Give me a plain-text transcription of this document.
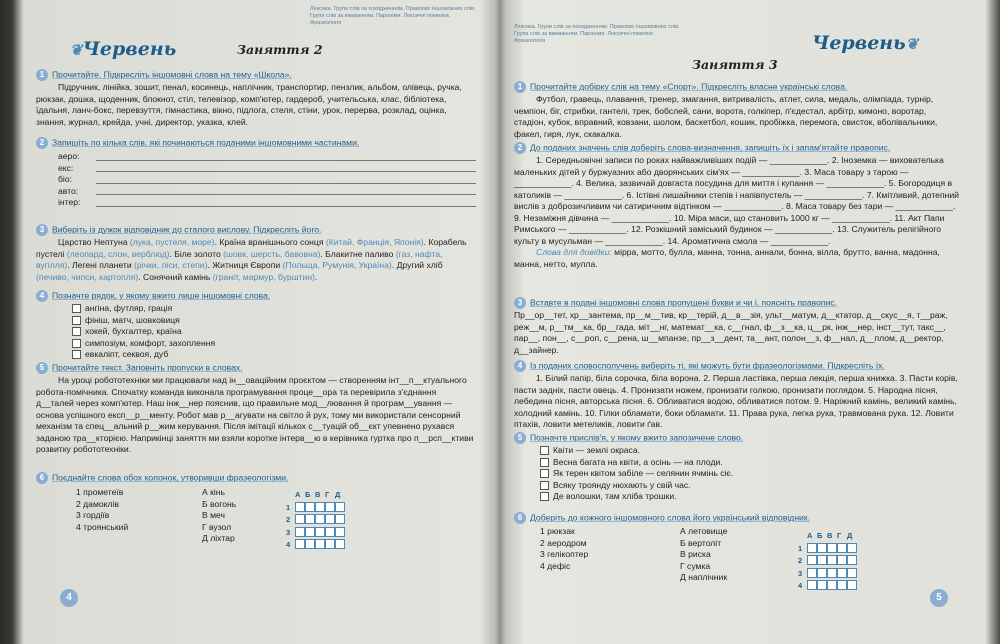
Лексика. Групи слів за походженням. Правопис іншомовних слів. Групи слів за вживанням. Пароніми. Лексичні помилки. Фразеологія
❦Червень	Заняття 2
1 Прочитайте. Підкресліть іншомовні слова на тему «Школа».
Підручник, лінійка, зошит, пенал, косинець, наплічник, транспортир, пензлик, альбом, олівець, ручка, рюкзак, дошка, щоденник, блокнот, стіл, телевізор, комп'ютер, гардероб, учительська, клас, бібліотека, їдальня, ланч-бокс, перевзуття, гімнастика, вікно, підлога, стеля, стіни, урок, перерва, розклад, оцінка, знання, журнал, крейда, учні, директор, указка, клей.
2 Запишіть по кілька слів, які починаються поданими іншомовними частинами.
аеро:
екс:
біо:
авто:
інтер:
3 Виберіть із дужок відповідник до сталого вислову. Підкресліть його.
Царство Нептуна (лука, пустеля, море). Країна вранішнього сонця (Китай, Франція, Японія). Корабель пустелі (леопард, слон, верблюд). Біле золото (шовк, шерсть, бавовна). Блакитне паливо (газ, нафта, вугілля). Легені планети (річки, ліси, степи). Житниця Європи (Польща, Румунія, Україна). Другий хліб (печиво, чипси, картопля). Сонячний камінь (граніт, мармур, бурштин).
4 Позначте рядок, у якому вжито лише іншомовні слова.
ангіна, футляр, грація
фініш, матч, шовковиця
хокей, бухгалтер, країна
симпозіум, комфорт, захоплення
евкаліпт, секвоя, дуб
5 Прочитайте текст. Заповніть пропуски в словах.
На уроці робототехніки ми працювали над ін__оваційним проєктом — створенням інт__п__ктуального робота-помічника. Спочатку команда виконала програмування проце__ора та перевірила з'єднання д__талей через комп'ютер. Наш інж__нер пояснив, що правильне мод__лювання й програм__ування — основа успішного експ__р__менту. Робот мав р__агувати на світло й рух, тому ми використали сенсорний механізм та спец__альний р__жим керування. Після імітації кількох с__туацій об__єкт упевнено рухався заданою тра__кторією. Наприкінці заняття ми взяли коротке інтерв__ю в керівника гуртка про п__рсп__ктиви розвитку робототехніки.
6 Поєднайте слова обох колонок, утворивши фразеологізми.
1 прометеїв
2 дамоклів
3 гордіїв
4 троянський
А кінь
Б вогонь
В меч
Г вузол
Д ліхтар
А Б В Г Д
1
2
3
4
4
Лексика. Групи слів за походженням. Правопис іншомовних слів. Групи слів за вживанням. Пароніми. Лексичні помилки. Фразеологія	Червень❦
Заняття 3
1 Прочитайте добірку слів на тему «Спорт». Підкресліть власне українські слова.
Футбол, гравець, плавання, тренер, змагання, витривалість, атлет, сила, медаль, олімпіада, турнір, чемпіон, біг, стрибки, гантелі, трек, бобслей, сани, ворота, голкіпер, п'єдестал, арбітр, кимоно, воротар, стадіон, кубок, вправний, ковзани, шолом, баскетбол, кошик, пробіжка, перемога, свисток, вболівальники, факел, гиря, лук, скакалка.
2 До поданих значень слів доберіть слова-визначення, запишіть їх і запам'ятайте правопис.
1. Середньовічні записи по роках найважливіших подій — ____________. 2. Іноземка — вихователька маленьких дітей у буржуазних або дворянських сім'ях — ____________. 3. Масa товару з тарою — ____________. 4. Велика, зазвичай довгаста посудина для миття і купання — ____________. 5. Богородиця в католиків — ____________. 6. Істівні лишайники степів і напівпустель — ____________. 7. Кмітливий, дотепний вислів з доброзичливим чи сатиричним відтінком — ____________. 8. Маса товару без тари — ____________. 9. Незаміжня дівчина — ____________. 10. Міра маси, що становить 1000 кг — ____________. 11. Акт Папи Римського — ____________. 12. Розкішний заміський будинок — ____________. 13. Служитель релігійного культу в мусульман — ____________. 14. Ароматична смола — ____________.
Слова для довідки: мірра, мотто, булла, манна, тонна, аннали, бонна, вілла, брутто, ванна, мадонна, манна, нетто, мулла.
3 Вставте в подані іншомовні слова пропущені букви и чи і, поясніть правопис.
Пр__ор__тет, хр__зантема, пр__м__тив, кр__терій, д__в__зія, ульт__матум, д__ктатор, д__скус__я, т__раж, реж__м, р__тм__ка, бр__гада, міт__нг, математ__ка, с__гнал, ф__з__ка, ц__рк, інж__нер, інст__тут, такс__, пар__, пон__, с__роп, с__рена, ш__мпанзе, пр__з__дент, та__ант, полон__з, ф__нал, д__плом, д__ректор, д__зайнер.
4 Із поданих словосполучень виберіть ті, які можуть бути фразеологізмами. Підкресліть їх.
1. Білий папір, біла сорочка, біла ворона. 2. Перша ластівка, перша лекція, перша книжка. 3. Пасти корів, пасти задніх, пасти овець. 4. Пронизати ножем, пронизати голкою, пронизати поглядом. 5. Народна пісня, лебедина пісня, авторська пісня. 6. Обливатися водою, обливатися потом. 9. Наріжний камінь, великий камінь, холодний камінь. 10. Гілки обламати, боки обламати. 11. Права рука, легка рука, травмована рука. 12. Ловити птахів, ловити метеликів, ловити ґав.
5 Позначте прислів'я, у якому вжито запозичене слово.
Квіти — землі окраса.
Весна багата на квіти, а осінь — на плоди.
Як терен квітом забіле — селянин ячмінь сіє.
Всяку троянду нюхають у свій час.
Де волошки, там хліба трошки.
6 Доберіть до кожного іншомовного слова його український відповідник.
1 рюкзак
2 аеродром
3 гелікоптер
4 дефіс
А летовище
Б вертоліт
В риска
Г сумка
Д наплічник
А Б В Г Д
1
2
3
4
5
